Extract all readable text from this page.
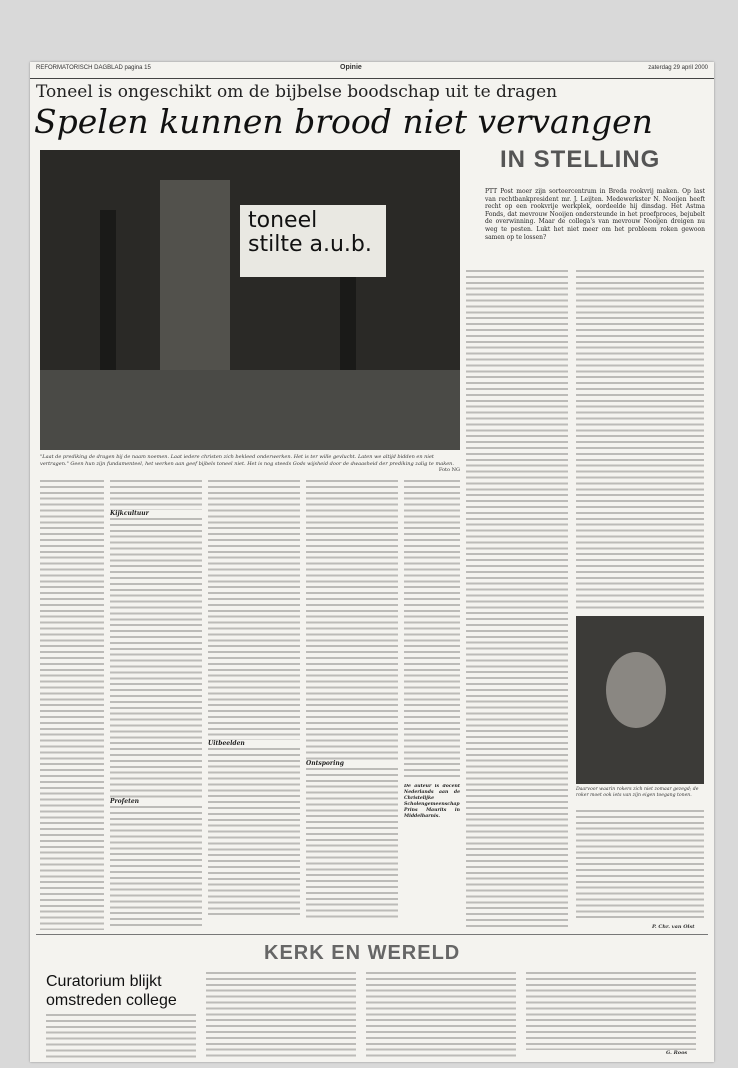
REFORMATORISCH DAGBLAD pagina 15	Opinie	zaterdag 29 april 2000
Toneel is ongeschikt om de bijbelse boodschap uit te dragen
Spelen kunnen brood niet vervangen
toneel stilte a.u.b.
"Laat de prediking de dragen bij de naam noemen. Laat iedere christen zich bekleed onderwerken. Het is ter wille gevlucht. Laten we altijd bidden en niet vertragen." Geen hun zijn fundamenteel, het werken aan geef bijbels toneel niet. Het is nog steeds Gods wijsheid door de dwaasheid der prediking zalig te maken.
Foto NG
Kijkcultuur
Profeten
Uitbeelden
Ontsporing
De auteur is docent Nederlands aan de Christelijke Scholengemeenschap Prins Maurits in Middelharnis.
IN STELLING
PTT Post moer zijn sorteercentrum in Breda rookvrij maken. Op last van rechtbankpresident mr. J. Leijten. Medewerkster N. Nooijen heeft recht op een rookvrije werkplek, oordeelde hij dinsdag. Het Astma Fonds, dat mevrouw Nooijen ondersteunde in het proefproces, bejubelt de overwinning. Maar de collega's van mevrouw Nooijen dreigen nu weg te pesten. Lukt het niet meer om het probleem roken gewoon samen op te lossen?
Daarvoor waarin rokers zich niet zomaar gezegd; de roker moet ook iets van zijn eigen toegang tonen.
P. Chr. van Olst
KERK EN WERELD
Curatorium blijkt omstreden college
G. Roos
